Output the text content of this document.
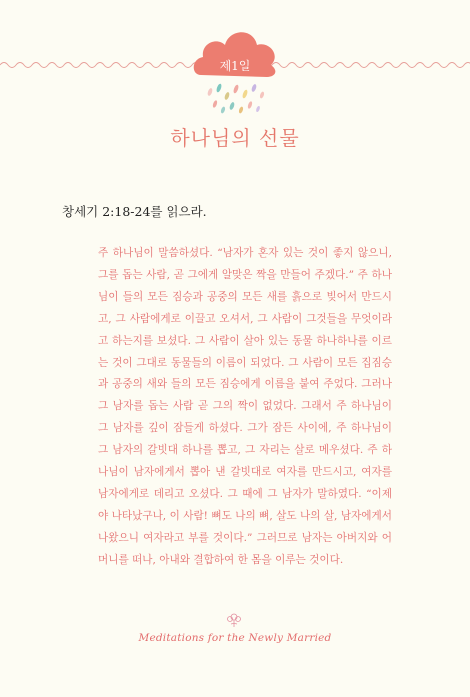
제1일
하나님의 선물
창세기 2:18-24를 읽으라.
주 하나님이 말씀하셨다. “남자가 혼자 있는 것이 좋지 않으니, 그를 돕는 사람, 곧 그에게 알맞은 짝을 만들어 주겠다.” 주 하나님이 들의 모든 짐승과 공중의 모든 새를 흙으로 빚어서 만드시고, 그 사람에게로 이끌고 오셔서, 그 사람이 그것들을 무엇이라고 하는지를 보셨다. 그 사람이 살아 있는 동물 하나하나를 이르는 것이 그대로 동물들의 이름이 되었다. 그 사람이 모든 집짐승과 공중의 새와 들의 모든 짐승에게 이름을 붙여 주었다. 그러나 그 남자를 돕는 사람 곧 그의 짝이 없었다. 그래서 주 하나님이 그 남자를 깊이 잠들게 하셨다. 그가 잠든 사이에, 주 하나님이 그 남자의 갈빗대 하나를 뽑고, 그 자리는 살로 메우셨다. 주 하나님이 남자에게서 뽑아 낸 갈빗대로 여자를 만드시고, 여자를 남자에게로 데리고 오셨다. 그 때에 그 남자가 말하였다. “이제야 나타났구나, 이 사람! 뼈도 나의 뼈, 살도 나의 살, 남자에게서 나왔으니 여자라고 부를 것이다.” 그러므로 남자는 아버지와 어머니를 떠나, 아내와 결합하여 한 몸을 이루는 것이다.
Meditations for the Newly Married
